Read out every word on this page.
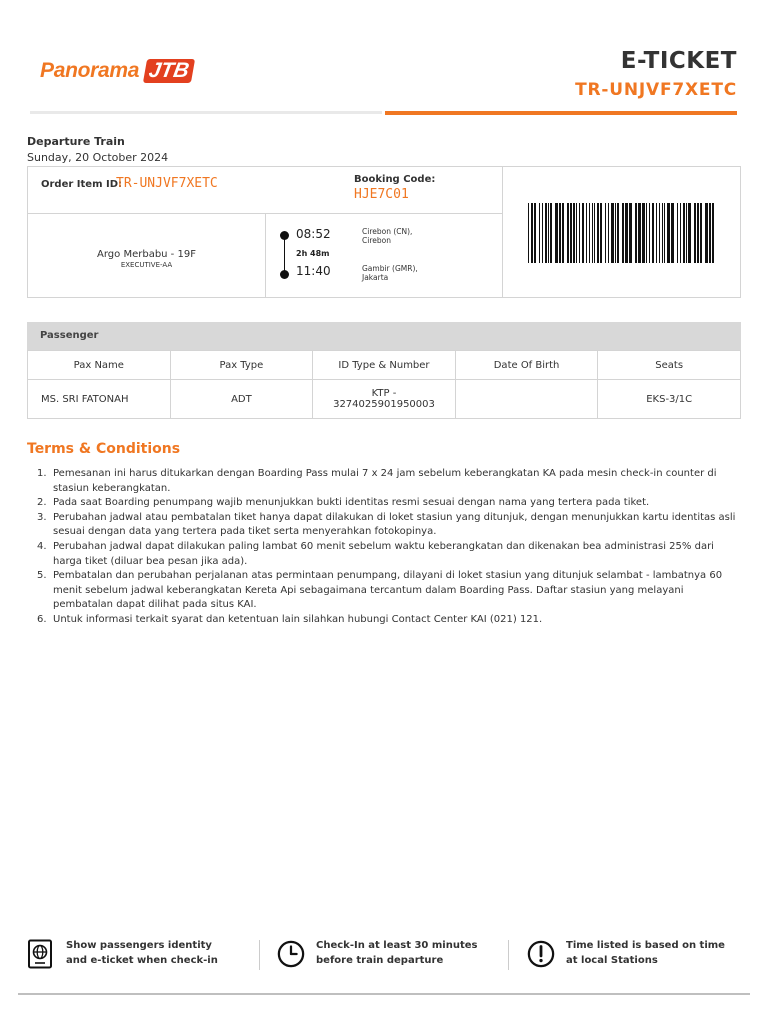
Panorama JTB	E-TICKET
TR-UNJVF7XETC
Departure Train
Sunday, 20 October 2024
Order Item ID:
TR-UNJVF7XETC	Booking Code:
HJE7C01
Argo Merbabu - 19F
EXECUTIVE-AA
08:52
2h 48m
11:40
Cirebon (CN), Cirebon
Gambir (GMR), Jakarta
Passenger
Pax Name	Pax Type	ID Type & Number	Date Of Birth	Seats
MS. SRI FATONAH	ADT	KTP - 3274025901950003		EKS-3/1C
Terms & Conditions
1. Pemesanan ini harus ditukarkan dengan Boarding Pass mulai 7 x 24 jam sebelum keberangkatan KA pada mesin check-in counter di stasiun keberangkatan.
2. Pada saat Boarding penumpang wajib menunjukkan bukti identitas resmi sesuai dengan nama yang tertera pada tiket.
3. Perubahan jadwal atau pembatalan tiket hanya dapat dilakukan di loket stasiun yang ditunjuk, dengan menunjukkan kartu identitas asli sesuai dengan data yang tertera pada tiket serta menyerahkan fotokopinya.
4. Perubahan jadwal dapat dilakukan paling lambat 60 menit sebelum waktu keberangkatan dan dikenakan bea administrasi 25% dari harga tiket (diluar bea pesan jika ada).
5. Pembatalan dan perubahan perjalanan atas permintaan penumpang, dilayani di loket stasiun yang ditunjuk selambat - lambatnya 60 menit sebelum jadwal keberangkatan Kereta Api sebagaimana tercantum dalam Boarding Pass. Daftar stasiun yang melayani pembatalan dapat dilihat pada situs KAI.
6. Untuk informasi terkait syarat dan ketentuan lain silahkan hubungi Contact Center KAI (021) 121.
Show passengers identity and e-ticket when check-in
Check-In at least 30 minutes before train departure
Time listed is based on time at local Stations
